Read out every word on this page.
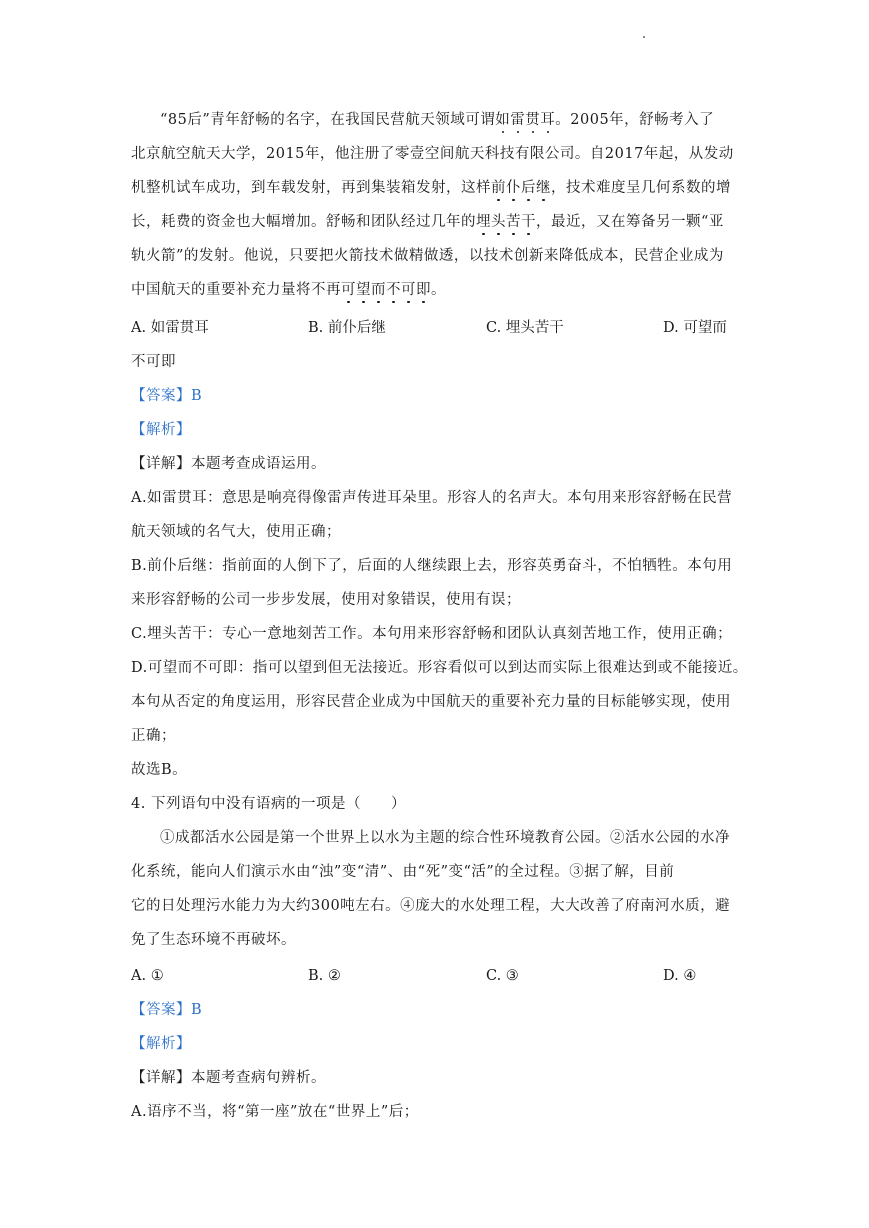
“85后”青年舒畅的名字，在我国民营航天领域可谓如雷贯耳。2005年，舒畅考入了
北京航空航天大学，2015年，他注册了零壹空间航天科技有限公司。自2017年起，从发动
机整机试车成功，到车载发射，再到集装箱发射，这样前仆后继，技术难度呈几何系数的增
长，耗费的资金也大幅增加。舒畅和团队经过几年的埋头苦干，最近，又在筹备另一颗“亚
轨火箭”的发射。他说，只要把火箭技术做精做透，以技术创新来降低成本，民营企业成为
中国航天的重要补充力量将不再可望而不可即。
A. 如雷贯耳	B. 前仆后继	C. 埋头苦干	D. 可望而
不可即
【答案】B
【解析】
【详解】本题考查成语运用。
A.如雷贯耳：意思是响亮得像雷声传进耳朵里。形容人的名声大。本句用来形容舒畅在民营
航天领域的名气大，使用正确；
B.前仆后继：指前面的人倒下了，后面的人继续跟上去，形容英勇奋斗，不怕牺牲。本句用
来形容舒畅的公司一步步发展，使用对象错误，使用有误；
C.埋头苦干：专心一意地刻苦工作。本句用来形容舒畅和团队认真刻苦地工作，使用正确；
D.可望而不可即：指可以望到但无法接近。形容看似可以到达而实际上很难达到或不能接近。
本句从否定的角度运用，形容民营企业成为中国航天的重要补充力量的目标能够实现，使用
正确；
故选B。
4. 下列语句中没有语病的一项是（　　）
①成都活水公园是第一个世界上以水为主题的综合性环境教育公园。②活水公园的水净
化系统，能向人们演示水由“浊”变“清”、由“死”变“活”的全过程。③据了解，目前
它的日处理污水能力为大约300吨左右。④庞大的水处理工程，大大改善了府南河水质，避
免了生态环境不再破坏。
A. ①	B. ②	C. ③	D. ④
【答案】B
【解析】
【详解】本题考查病句辨析。
A.语序不当，将“第一座”放在“世界上”后；
